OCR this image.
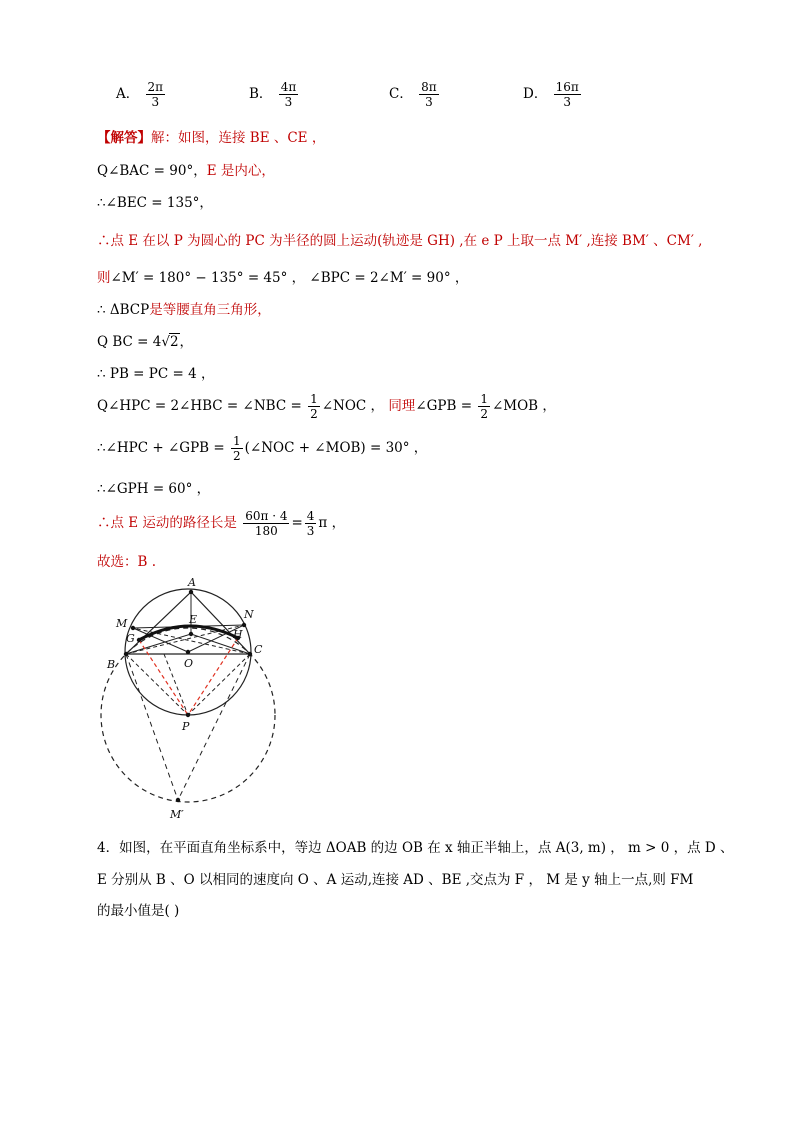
A． $\frac{2\pi}{3}$	B． $\frac{4\pi}{3}$	C． $\frac{8\pi}{3}$	D． $\frac{16\pi}{3}$
【解答】解：如图，连接 BE 、CE ，
Q∠BAC = 90°，E 是内心，
∴∠BEC = 135°，
∴点 E 在以 P 为圆心的 PC 为半径的圆上运动(轨迹是 GH) ,在 e P 上取一点 M′ ,连接 BM′ 、CM′ ,
则∠M′ = 180° − 135° = 45° ， ∠BPC = 2∠M′ = 90° ，
∴ ΔBCP是等腰直角三角形，
Q BC = 4√2，
∴ PB = PC = 4 ，
Q∠HPC = 2∠HBC = ∠NBC = $\frac{1}{2}$ ∠NOC ， 同理∠GPB = $\frac{1}{2}$ ∠MOB ，
∴∠HPC + ∠GPB = $\frac{1}{2}$ (∠NOC + ∠MOB) = 30° ，
∴∠GPH = 60° ，
∴点 E 运动的路径长是 $\frac{60\pi \cdot 4}{180} = \frac{4}{3}$ π ，
故选：B .
A
M
N
E
G	H
B
C
O
P
M′
4．如图，在平面直角坐标系中，等边 ΔOAB 的边 OB 在 x 轴正半轴上，点 A(3, m) ， m > 0 ，点 D 、
E 分别从 B 、O 以相同的速度向 O 、A 运动,连接 AD 、BE ,交点为 F ， M 是 y 轴上一点,则 FM
的最小值是( )
